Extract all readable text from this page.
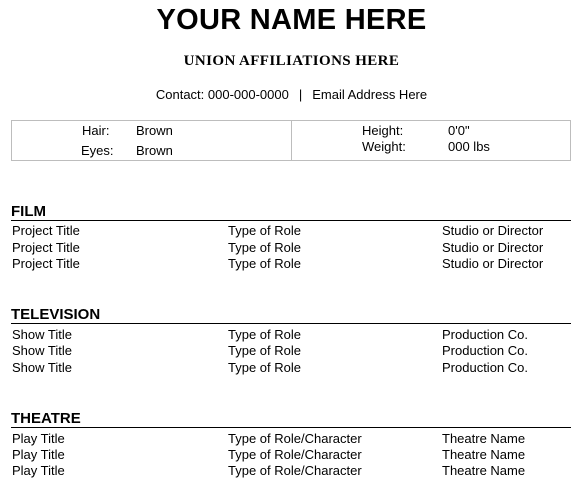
YOUR NAME HERE
UNION AFFILIATIONS HERE
Contact: 000-000-0000 | Email Address Here
Hair: Brown
Eyes: Brown
Height:	0'0"
Weight:	000 lbs
FILM
Project Title	Type of Role	Studio or Director
Project Title	Type of Role	Studio or Director
Project Title	Type of Role	Studio or Director
TELEVISION
Show Title	Type of Role	Production Co.
Show Title	Type of Role	Production Co.
Show Title	Type of Role	Production Co.
THEATRE
Play Title	Type of Role/Character	Theatre Name
Play Title	Type of Role/Character	Theatre Name
Play Title	Type of Role/Character	Theatre Name
